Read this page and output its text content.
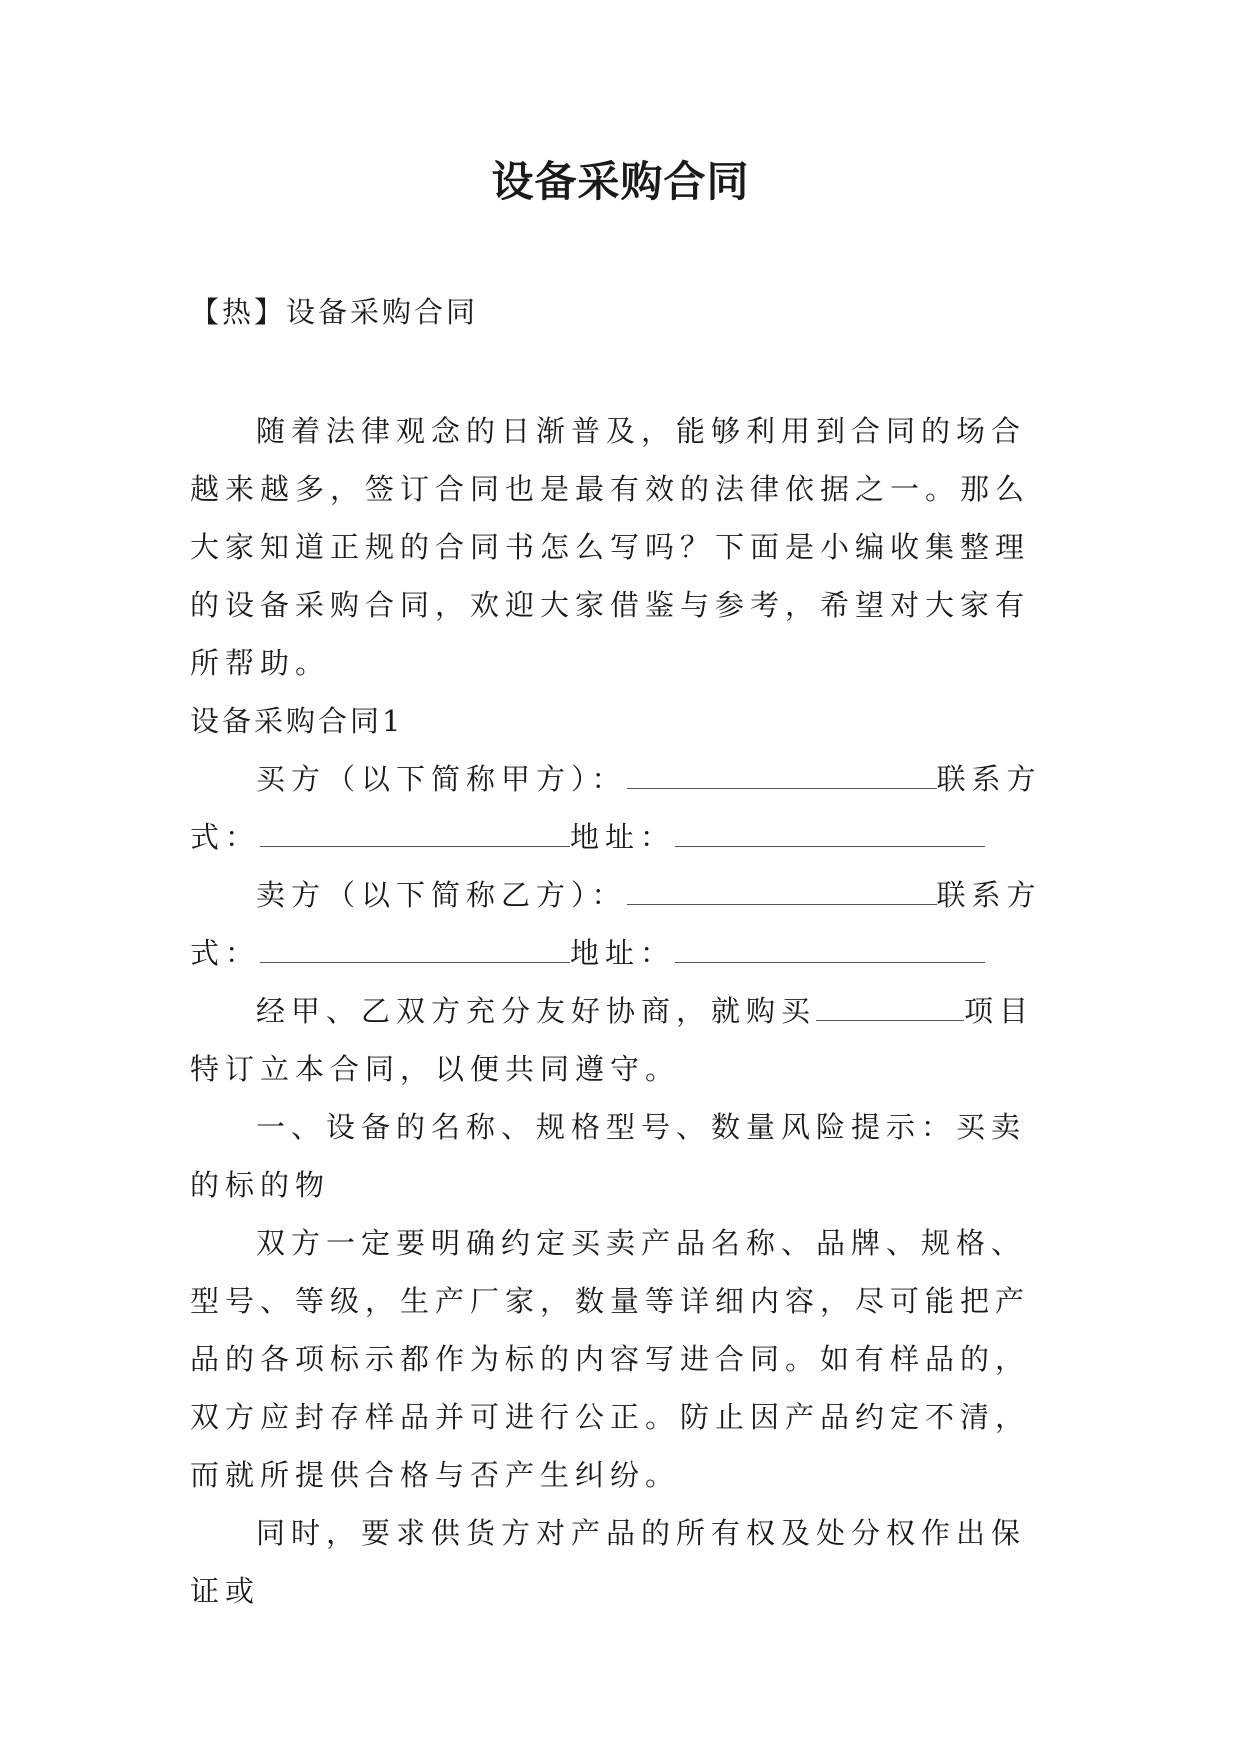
设备采购合同

【热】设备采购合同

随着法律观念的日渐普及，能够利用到合同的场合越来越多，签订合同也是最有效的法律依据之一。那么大家知道正规的合同书怎么写吗？下面是小编收集整理的设备采购合同，欢迎大家借鉴与参考，希望对大家有所帮助。

设备采购合同1

买方（以下简称甲方）：	联系方式：	地址：

卖方（以下简称乙方）：	联系方式：	地址：

经甲、乙双方充分友好协商，就购买	项目特订立本合同，以便共同遵守。

一、设备的名称、规格型号、数量风险提示：买卖的标的物

双方一定要明确约定买卖产品名称、品牌、规格、型号、等级，生产厂家，数量等详细内容，尽可能把产品的各项标示都作为标的内容写进合同。如有样品的，双方应封存样品并可进行公正。防止因产品约定不清，而就所提供合格与否产生纠纷。

同时，要求供货方对产品的所有权及处分权作出保证或
